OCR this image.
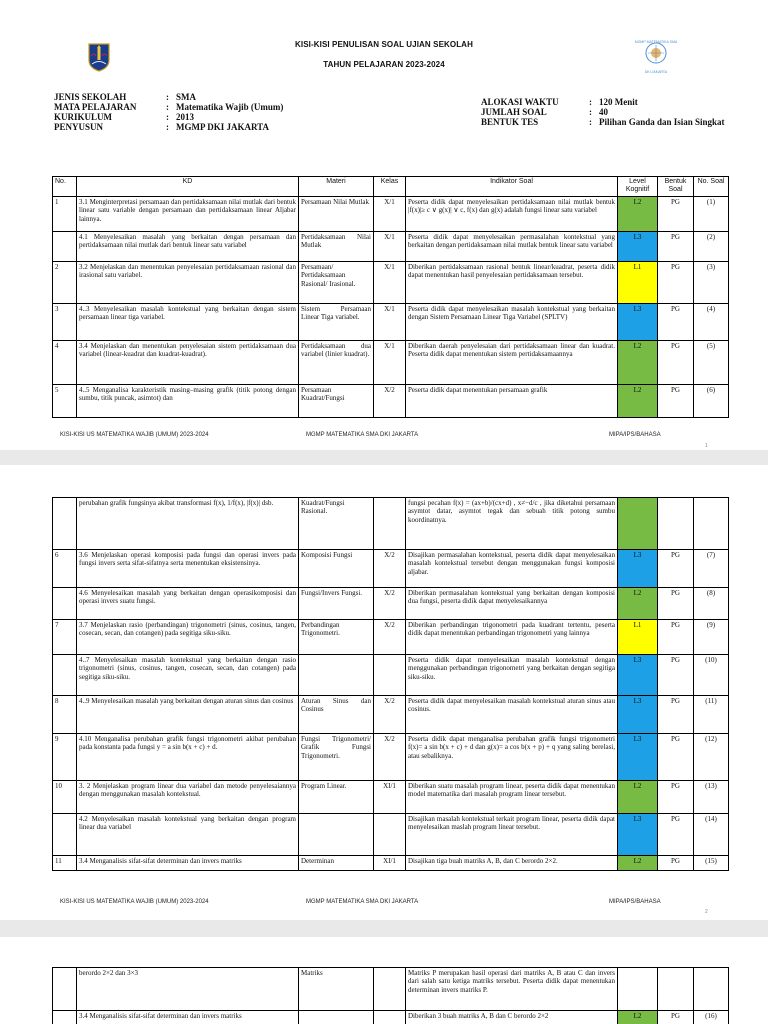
KISI-KISI PENULISAN SOAL UJIAN SEKOLAH
TAHUN PELAJARAN 2023-2024
MGMP MATEMATIKA SMA
DKI JAKARTA
JENIS SEKOLAH	: SMA
MATA PELAJARAN	: Matematika Wajib (Umum)
KURIKULUM	: 2013
PENYUSUN	: MGMP DKI JAKARTA
ALOKASI WAKTU	: 120 Menit
JUMLAH SOAL	: 40
BENTUK TES	: Pilihan Ganda dan Isian Singkat
No.	KD	Materi	Kelas	Indikator Soal	Level Kognitif	Bentuk Soal	No. Soal
1	3.1 Menginterpretasi persamaan dan pertidaksamaan nilai mutlak dari bentuk linear satu variable dengan persamaan dan pertidaksamaan linear Aljabar lainnya.	Persamaan Nilai Mutlak	X/1	Peserta didik dapat menyelesaikan pertidaksamaan nilai mutlak bentuk |f(x)|≥ c ∨ g(x)| ∨ c, f(x) dan g(x) adalah fungsi linear satu variabel	L2	PG	(1)
	4.1 Menyelesaikan masalah yang berkaitan dengan persamaan dan pertidaksamaan nilai mutlak dari bentuk linear satu variabel	Pertidaksamaan Nilai Mutlak	X/1	Peserta didik dapat menyelesaikan permasalahan kontekstual yang berkaitan dengan pertidaksamaan nilai mutlak bentuk linear satu variabel	L3	PG	(2)
2	3.2 Menjelaskan dan menentukan penyelesaian pertidaksamaan rasional dan irasional satu variabel.	Persamaan/ Pertidaksamaan Rasional/ Irasional.	X/1	Diberikan pertidaksamaan rasional bentuk linear/kuadrat, peserta didik dapat menentukan hasil penyelesaian pertidaksamaan tersebut.	L1	PG	(3)
3	4..3 Menyelesaikan masalah kontekstual yang berkaitan dengan sistem persamaan linear tiga variabel.	Sistem Persamaan Linear Tiga variabel.	X/1	Peserta didik dapat menyelesaikan masalah kontekstual yang berkaitan dengan Sistem Persamaan Linear Tiga Variabel (SPLTV)	L3	PG	(4)
4	3.4 Menjelaskan dan menentukan penyelesaian sistem pertidaksamaan dua variabel (linear-kuadrat dan kuadrat-kuadrat).	Pertidaksamaan dua variabel (linier kuadrat).	X/1	Diberikan daerah penyelesaian dari pertidaksamaan linear dan kuadrat. Peserta didik dapat menentukan sistem pertidaksamaannya	L2	PG	(5)
5	4..5 Menganalisa karakteristik masing–masing grafik (titik potong dengan sumbu, titik puncak, asimtot) dan	Persamaan Kuadrat/Fungsi	X/2	Peserta didik dapat menentukan persamaan grafik	L2	PG	(6)
KISI-KISI US MATEMATIKA WAJIB (UMUM) 2023-2024	MGMP MATEMATIKA SMA DKI JAKARTA	MIPA/IPS/BAHASA
1
	perubahan grafik fungsinya akibat transformasi f(x), 1/f(x), |f(x)| dsb.	Kuadrat/Fungsi Rasional.		fungsi pecahan f(x) = (ax+b)/(cx+d) , x≠−d/c , jika diketahui persamaan asymtot datar, asymtot tegak dan sebuah titik potong sumbu koordinatnya.			
6	3.6 Menjelaskan operasi komposisi pada fungsi dan operasi invers pada fungsi invers serta sifat-sifatnya serta menentukan eksistensinya.	Komposisi Fungsi	X/2	Disajikan permasalahan kontekstual, peserta didik dapat menyelesaikan masalah kontekstual tersebut dengan menggunakan fungsi komposisi aljabar.	L3	PG	(7)
	4.6 Menyelesaikan masalah yang berkaitan dengan operasikomposisi dan operasi invers suatu fungsi.	Fungsi/Invers Fungsi.	X/2	Diberikan permasalahan kontekstual yang berkaitan dengan komposisi dua fungsi, peserta didik dapat menyelesaikannya	L2	PG	(8)
7	3.7 Menjelaskan rasio (perbandingan) trigonometri (sinus, cosinus, tangen, cosecan, secan, dan cotangen) pada segitiga siku-siku.	Perbandingan Trigonometri.	X/2	Diberikan perbandingan trigonometri pada kuadrant tertentu, peserta didik dapat menentukan perbandingan trigonometri yang lainnya	L1	PG	(9)
	4..7 Menyelesaikan masalah kontekstual yang berkaitan dengan rasio trigonometri (sinus, cosinus, tangen, cosecan, secan, dan cotangen) pada segitiga siku-siku.			Peserta didik dapat menyelesaikan masalah kontekstual dengan menggunakan perbandingan trigonometri yang berkaitan dengan segitiga siku-siku.	L3	PG	(10)
8	4..9 Menyelesaikan masalah yang berkaitan dengan aturan sinus dan cosinus	Aturan Sinus dan Cosinus	X/2	Peserta didik dapat menyelesaikan masalah kontekstual aturan sinus atau cosinus.	L3	PG	(11)
9	4.10 Menganalisa perubahan grafik fungsi trigonometri akibat perubahan pada konstanta pada fungsi y = a sin b(x + c) + d.	Fungsi Trigonometri/ Grafik Fungsi Trigonometri.	X/2	Peserta didik dapat menganalisa perubahan grafik fungsi trigonometri f(x)= a sin b(x + c) + d dan g(x)= a cos b(x + p) + q yang saling berelasi, atau sebaliknya.	L3	PG	(12)
10	3. 2 Menjelaskan program linear dua variabel dan metode penyelesaiannya dengan menggunakan masalah kontekstual.	Program Linear.	XI/1	Diberikan suatu masalah program linear, peserta didik dapat menentukan model matematika dari masalah program linear tersebut.	L2	PG	(13)
	4.2 Menyelesaikan masalah kontekstual yang berkaitan dengan program linear dua variabel			Disajikan masalah kontekstual terkait program linear, peserta didik dapat menyelesaikan maslah program linear tersebut.	L3	PG	(14)
11	3.4 Menganalisis sifat-sifat determinan dan invers matriks	Determinan	XI/1	Disajikan tiga buah matriks A, B, dan C berordo 2×2.	L2	PG	(15)
KISI-KISI US MATEMATIKA WAJIB (UMUM) 2023-2024	MGMP MATEMATIKA SMA DKI JAKARTA	MIPA/IPS/BAHASA
2
	berordo 2×2 dan 3×3	Matriks		Matriks P merupakan hasil operasi dari matriks A, B atau C dan invers dari salah satu ketiga matriks tersebut. Peserta didik dapat menentukan determinan invers matriks P.			
	3.4 Menganalisis sifat-sifat determinan dan invers matriks			Diberikan 3 buah matriks A, B dan C berordo 2×2	L2	PG	(16)
